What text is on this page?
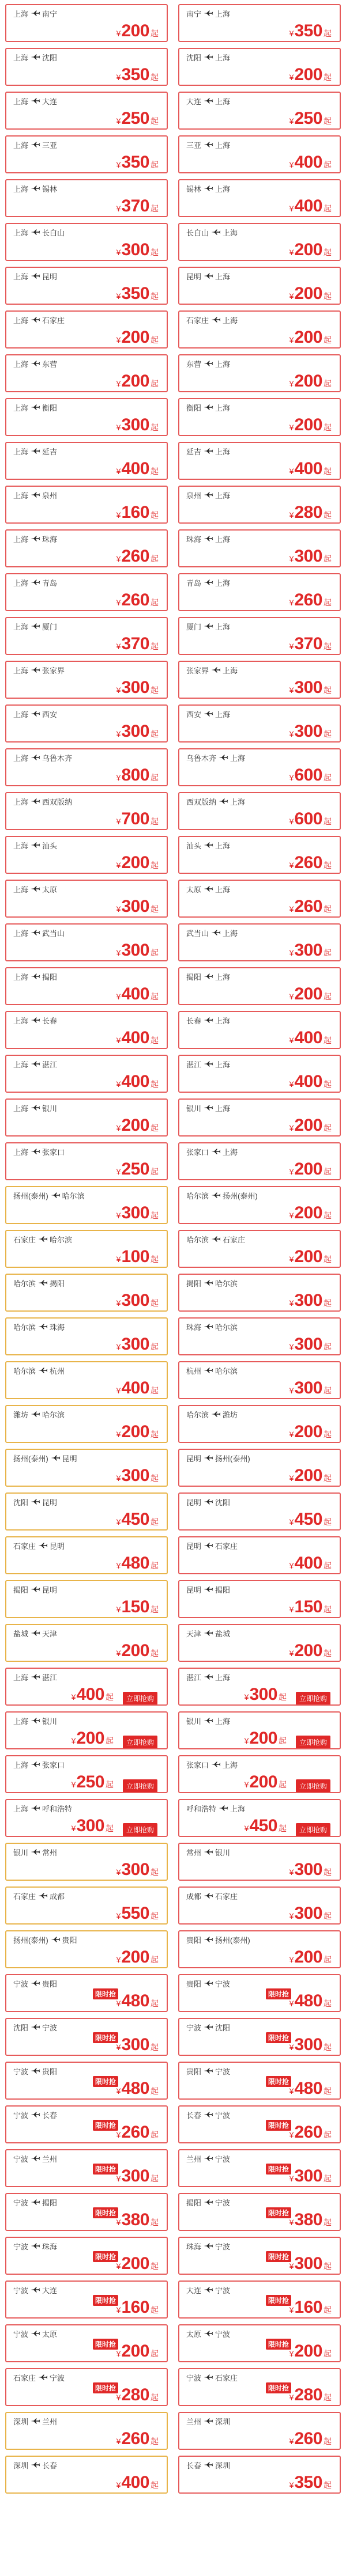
上海 南宁
¥ 200 起
南宁 上海
¥ 350 起
上海 沈阳
¥ 350 起
沈阳 上海
¥ 200 起
上海 大连
¥ 250 起
大连 上海
¥ 250 起
上海 三亚
¥ 350 起
三亚 上海
¥ 400 起
上海 锡林
¥ 370 起
锡林 上海
¥ 400 起
上海 长白山
¥ 300 起
长白山 上海
¥ 200 起
上海 昆明
¥ 350 起
昆明 上海
¥ 200 起
上海 石家庄
¥ 200 起
石家庄 上海
¥ 200 起
上海 东营
¥ 200 起
东营 上海
¥ 200 起
上海 衡阳
¥ 300 起
衡阳 上海
¥ 200 起
上海 延吉
¥ 400 起
延吉 上海
¥ 400 起
上海 泉州
¥ 160 起
泉州 上海
¥ 280 起
上海 珠海
¥ 260 起
珠海 上海
¥ 300 起
上海 青岛
¥ 260 起
青岛 上海
¥ 260 起
上海 厦门
¥ 370 起
厦门 上海
¥ 370 起
上海 张家界
¥ 300 起
张家界 上海
¥ 300 起
上海 西安
¥ 300 起
西安 上海
¥ 300 起
上海 乌鲁木齐
¥ 800 起
乌鲁木齐 上海
¥ 600 起
上海 西双版纳
¥ 700 起
西双版纳 上海
¥ 600 起
上海 汕头
¥ 200 起
汕头 上海
¥ 260 起
上海 太原
¥ 300 起
太原 上海
¥ 260 起
上海 武当山
¥ 300 起
武当山 上海
¥ 300 起
上海 揭阳
¥ 400 起
揭阳 上海
¥ 200 起
上海 长春
¥ 400 起
长春 上海
¥ 400 起
上海 湛江
¥ 400 起
湛江 上海
¥ 400 起
上海 银川
¥ 200 起
银川 上海
¥ 200 起
上海 张家口
¥ 250 起
张家口 上海
¥ 200 起
扬州(泰州) 哈尔滨
¥ 300 起
哈尔滨 扬州(泰州)
¥ 200 起
石家庄 哈尔滨
¥ 100 起
哈尔滨 石家庄
¥ 200 起
哈尔滨 揭阳
¥ 300 起
揭阳 哈尔滨
¥ 300 起
哈尔滨 珠海
¥ 300 起
珠海 哈尔滨
¥ 300 起
哈尔滨 杭州
¥ 400 起
杭州 哈尔滨
¥ 300 起
潍坊 哈尔滨
¥ 200 起
哈尔滨 潍坊
¥ 200 起
扬州(泰州) 昆明
¥ 300 起
昆明 扬州(泰州)
¥ 200 起
沈阳 昆明
¥ 450 起
昆明 沈阳
¥ 450 起
石家庄 昆明
¥ 480 起
昆明 石家庄
¥ 400 起
揭阳 昆明
¥ 150 起
昆明 揭阳
¥ 150 起
盐城 天津
¥ 200 起
天津 盐城
¥ 200 起
上海 湛江
¥ 400 起	立即抢购
湛江 上海
¥ 300 起	立即抢购
上海 银川
¥ 200 起	立即抢购
银川 上海
¥ 200 起	立即抢购
上海 张家口
¥ 250 起	立即抢购
张家口 上海
¥ 200 起	立即抢购
上海 呼和浩特
¥ 300 起	立即抢购
呼和浩特 上海
¥ 450 起	立即抢购
银川 常州
¥ 300 起
常州 银川
¥ 300 起
石家庄 成都
¥ 550 起
成都 石家庄
¥ 300 起
扬州(泰州) 贵阳
¥ 200 起
贵阳 扬州(泰州)
¥ 200 起
宁波 贵阳
限时抢
¥ 480 起
贵阳 宁波
限时抢
¥ 480 起
沈阳 宁波
限时抢
¥ 300 起
宁波 沈阳
限时抢
¥ 300 起
宁波 贵阳
限时抢
¥ 480 起
贵阳 宁波
限时抢
¥ 480 起
宁波 长春
限时抢
¥ 260 起
长春 宁波
限时抢
¥ 260 起
宁波 兰州
限时抢
¥ 300 起
兰州 宁波
限时抢
¥ 300 起
宁波 揭阳
限时抢
¥ 380 起
揭阳 宁波
限时抢
¥ 380 起
宁波 珠海
限时抢
¥ 200 起
珠海 宁波
限时抢
¥ 300 起
宁波 大连
限时抢
¥ 160 起
大连 宁波
限时抢
¥ 160 起
宁波 太原
限时抢
¥ 200 起
太原 宁波
限时抢
¥ 200 起
石家庄 宁波
限时抢
¥ 280 起
宁波 石家庄
限时抢
¥ 280 起
深圳 兰州
¥ 260 起
兰州 深圳
¥ 260 起
深圳 长春
¥ 400 起
长春 深圳
¥ 350 起
